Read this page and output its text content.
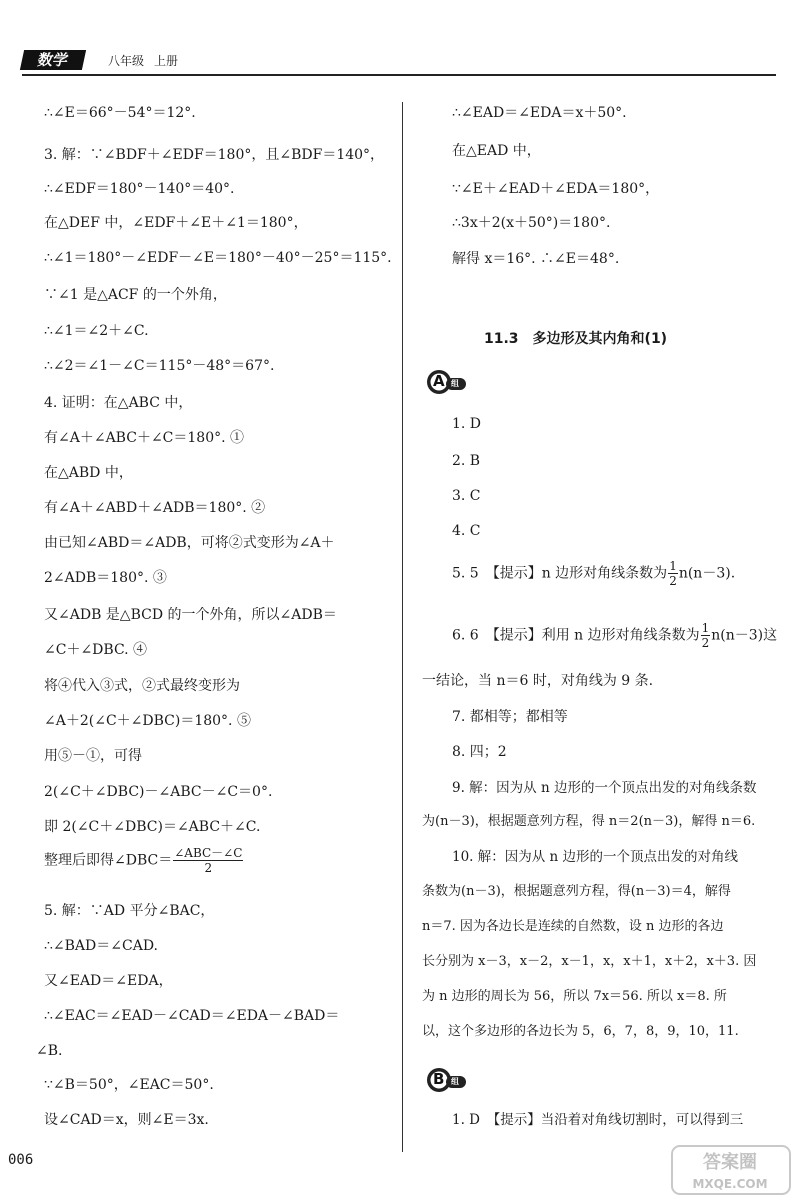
数学	八年级 上册
∴∠E＝66°－54°＝12°.
3. 解：∵∠BDF＋∠EDF＝180°，且∠BDF＝140°，
∴∠EDF＝180°－140°＝40°.
在△DEF 中，∠EDF＋∠E＋∠1＝180°，
∴∠1＝180°－∠EDF－∠E＝180°－40°－25°＝115°.
∵∠1 是△ACF 的一个外角，
∴∠1＝∠2＋∠C.
∴∠2＝∠1－∠C＝115°－48°＝67°.
4. 证明：在△ABC 中，
有∠A＋∠ABC＋∠C＝180°. ①
在△ABD 中，
有∠A＋∠ABD＋∠ADB＝180°. ②
由已知∠ABD＝∠ADB，可将②式变形为∠A＋
2∠ADB＝180°. ③
又∠ADB 是△BCD 的一个外角，所以∠ADB＝
∠C＋∠DBC. ④
将④代入③式，②式最终变形为
∠A＋2(∠C＋∠DBC)＝180°. ⑤
用⑤－①，可得
2(∠C＋∠DBC)－∠ABC－∠C＝0°.
即 2(∠C＋∠DBC)＝∠ABC＋∠C.
整理后即得∠DBC＝ $\frac{\text{∠ABC－∠C}}{2}$
5. 解：∵AD 平分∠BAC，
∴∠BAD＝∠CAD.
又∠EAD＝∠EDA，
∴∠EAC＝∠EAD－∠CAD＝∠EDA－∠BAD＝
∠B.
∵∠B＝50°，∠EAC＝50°.
设∠CAD＝x，则∠E＝3x.
∴∠EAD＝∠EDA＝x＋50°.
在△EAD 中，
∵∠E＋∠EAD＋∠EDA＝180°，
∴3x＋2(x＋50°)＝180°.
解得 x＝16°. ∴∠E＝48°.
11.3　多边形及其内角和(1)
A 组
1. D
2. B
3. C
4. C
5. 5　【提示】n 边形对角线条数为 $\frac{1}{2} n(n-3)$.
6. 6　【提示】利用 n 边形对角线条数为 $\frac{1}{2} n(n-3)$这
一结论，当 n＝6 时，对角线为 9 条.
7. 都相等；都相等
8. 四；2
9. 解：因为从 n 边形的一个顶点出发的对角线条数
为(n－3)，根据题意列方程，得 n＝2(n－3)，解得 n＝6.
10. 解：因为从 n 边形的一个顶点出发的对角线
条数为(n－3)，根据题意列方程，得(n－3)＝4，解得
n＝7. 因为各边长是连续的自然数，设 n 边形的各边
长分别为 x－3，x－2，x－1，x，x＋1，x＋2，x＋3. 因
为 n 边形的周长为 56，所以 7x＝56. 所以 x＝8. 所
以，这个多边形的各边长为 5，6，7，8，9，10，11.
B 组
1. D　【提示】当沿着对角线切割时，可以得到三
006	答案圈
MXQE.COM
